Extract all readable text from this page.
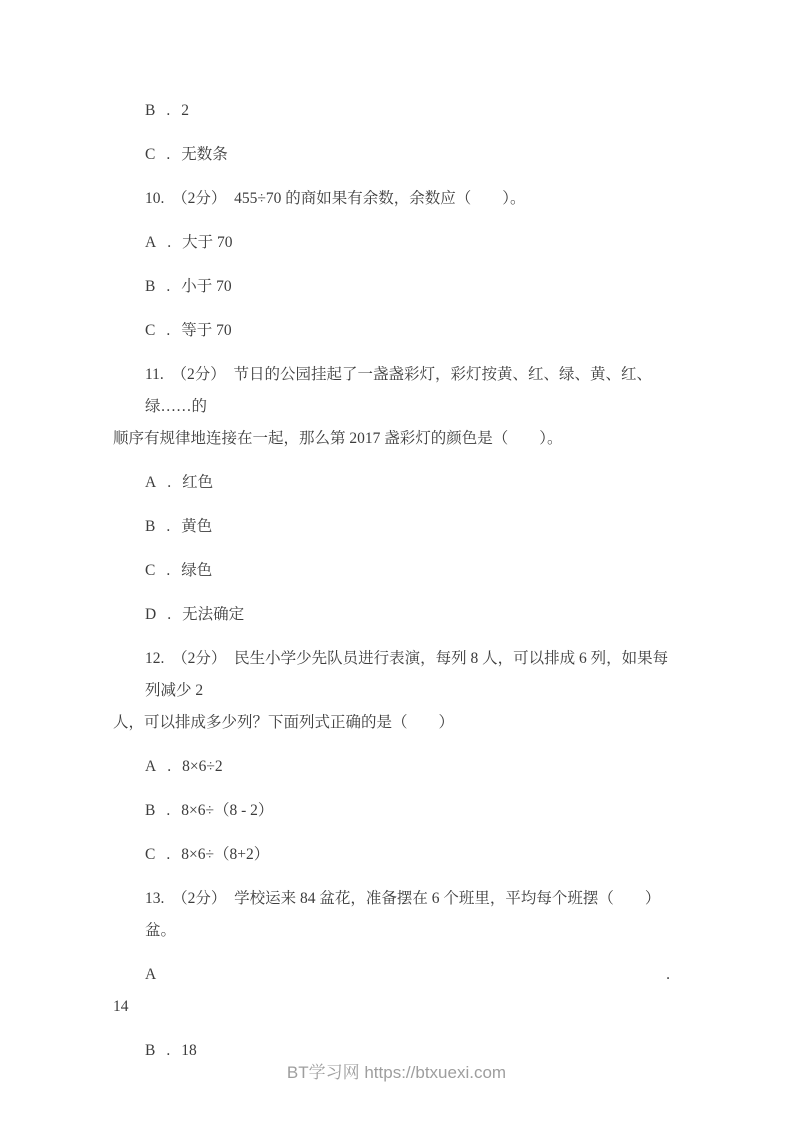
B . 2

C . 无数条

10.　（2分）　455÷70 的商如果有余数，余数应（　　）。

A . 大于 70

B . 小于 70

C . 等于 70

11.　（2分）　节日的公园挂起了一盏盏彩灯，彩灯按黄、红、绿、黄、红、绿……的
顺序有规律地连接在一起，那么第 2017 盏彩灯的颜色是（　　）。

A . 红色

B . 黄色

C . 绿色

D . 无法确定

12.　（2分）　民生小学少先队员进行表演，每列 8 人，可以排成 6 列，如果每列减少 2
人，可以排成多少列？下面列式正确的是（　　）

A . 8×6÷2

B . 8×6÷（8 - 2）

C . 8×6÷（8+2）

13.　（2分）　学校运来 84 盆花，准备摆在 6 个班里，平均每个班摆（　　）盆。

A	.
14

B . 18

BT学习网 https://btxuexi.com
